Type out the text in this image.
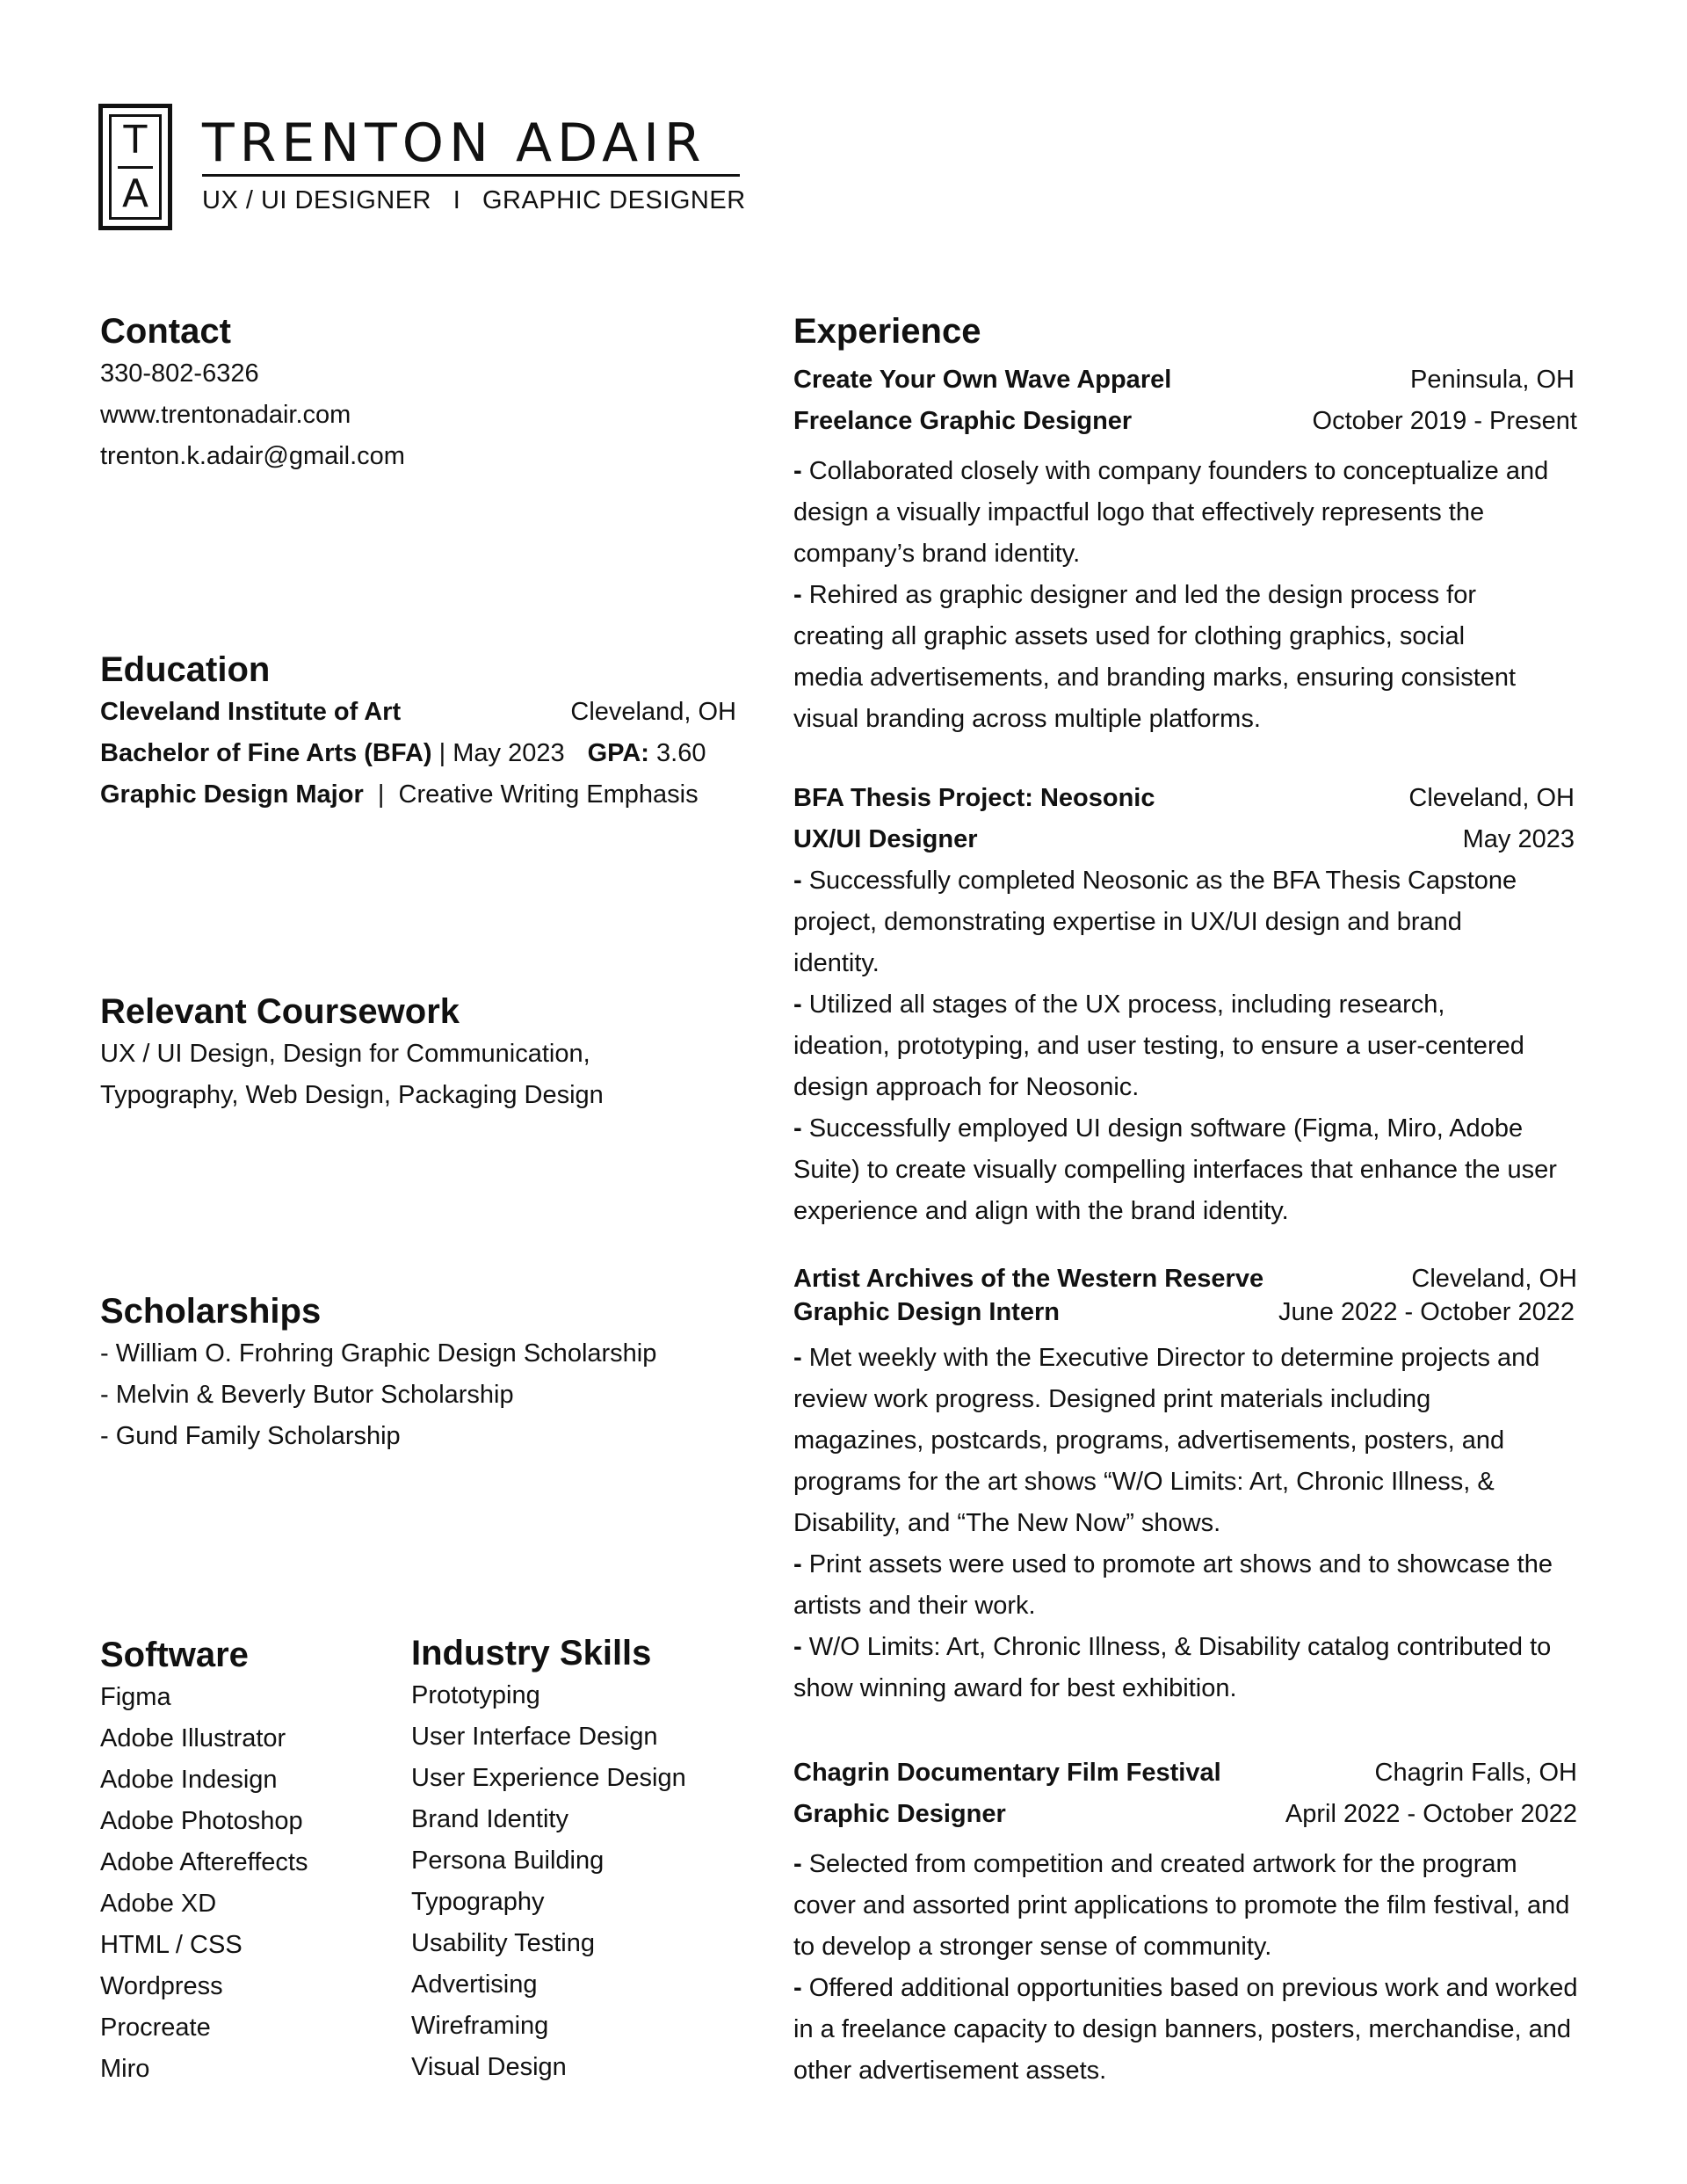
T
A
TRENTON ADAIR
UX / UI DESIGNER I GRAPHIC DESIGNER
Contact
330-802-6326
www.trentonadair.com
trenton.k.adair@gmail.com
Education
Cleveland Institute of Art	Cleveland, OH
Bachelor of Fine Arts (BFA) | May 2023 GPA: 3.60
Graphic Design Major  |  Creative Writing Emphasis
Relevant Coursework
UX / UI Design, Design for Communication,
Typography, Web Design, Packaging Design
Scholarships
- William O. Frohring Graphic Design Scholarship
- Melvin & Beverly Butor Scholarship
- Gund Family Scholarship
Software
Figma
Adobe Illustrator
Adobe Indesign
Adobe Photoshop
Adobe Aftereffects
Adobe XD
HTML / CSS
Wordpress
Procreate
Miro
Industry Skills
Prototyping
User Interface Design
User Experience Design
Brand Identity
Persona Building
Typography
Usability Testing
Advertising
Wireframing
Visual Design
Experience
Create Your Own Wave Apparel	Peninsula, OH
Freelance Graphic Designer	October 2019 - Present
- Collaborated closely with company founders to conceptualize and design a visually impactful logo that effectively represents the company’s brand identity.
- Rehired as graphic designer and led the design process for creating all graphic assets used for clothing graphics, social media advertisements, and branding marks, ensuring consistent visual branding across multiple platforms.
BFA Thesis Project: Neosonic	Cleveland, OH
UX/UI Designer	May 2023
- Successfully completed Neosonic as the BFA Thesis Capstone project, demonstrating expertise in UX/UI design and brand identity.
- Utilized all stages of the UX process, including research, ideation, prototyping, and user testing, to ensure a user-centered design approach for Neosonic.
- Successfully employed UI design software (Figma, Miro, Adobe Suite) to create visually compelling interfaces that enhance the user experience and align with the brand identity.
Artist Archives of the Western Reserve	Cleveland, OH
Graphic Design Intern	June 2022 - October 2022
- Met weekly with the Executive Director to determine projects and review work progress. Designed print materials including magazines, postcards, programs, advertisements, posters, and programs for the art shows “W/O Limits: Art, Chronic Illness, & Disability, and “The New Now” shows.
- Print assets were used to promote art shows and to showcase the artists and their work.
- W/O Limits: Art, Chronic Illness, & Disability catalog contributed to show winning award for best exhibition.
Chagrin Documentary Film Festival	Chagrin Falls, OH
Graphic Designer	April 2022 - October 2022
- Selected from competition and created artwork for the program cover and assorted print applications to promote the film festival, and to develop a stronger sense of community.
- Offered additional opportunities based on previous work and worked in a freelance capacity to design banners, posters, merchandise, and other advertisement assets.
